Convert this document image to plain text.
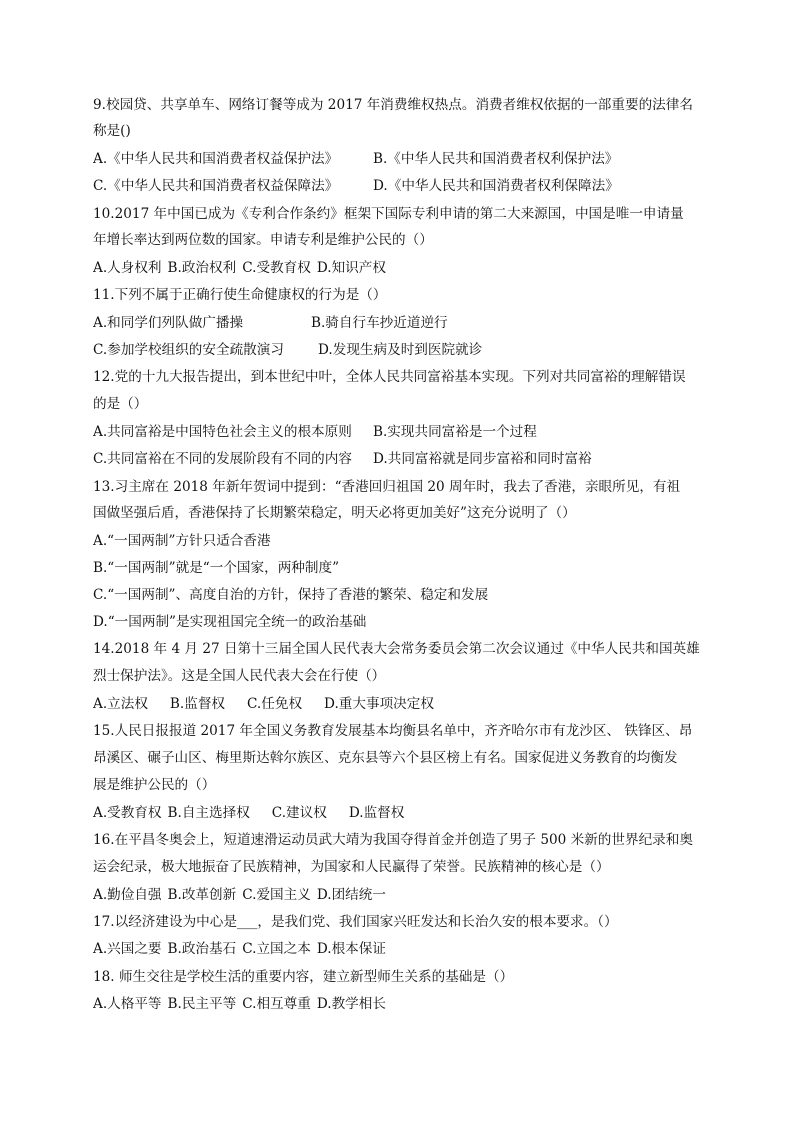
9.校园贷、共享单车、网络订餐等成为 2017 年消费维权热点。消费者维权依据的一部重要的法律名
称是()
A.《中华人民共和国消费者权益保护法》	B.《中华人民共和国消费者权利保护法》
C.《中华人民共和国消费者权益保障法》	D.《中华人民共和国消费者权利保障法》
10.2017 年中国已成为《专利合作条约》框架下国际专利申请的第二大来源国，中国是唯一申请量
年增长率达到两位数的国家。申请专利是维护公民的（）
A.人身权利 B.政治权利 C.受教育权 D.知识产权
11.下列不属于正确行使生命健康权的行为是（）
A.和同学们列队做广播操	B.骑自行车抄近道逆行
C.参加学校组织的安全疏散演习	D.发现生病及时到医院就诊
12.党的十九大报告提出，到本世纪中叶，全体人民共同富裕基本实现。下列对共同富裕的理解错误
的是（）
A.共同富裕是中国特色社会主义的根本原则 B.实现共同富裕是一个过程
C.共同富裕在不同的发展阶段有不同的内容 D.共同富裕就是同步富裕和同时富裕
13.习主席在 2018 年新年贺词中提到：“香港回归祖国 20 周年时，我去了香港，亲眼所见，有祖
国做坚强后盾，香港保持了长期繁荣稳定，明天必将更加美好”这充分说明了（）
A.“一国两制”方针只适合香港
B.“一国两制”就是“一个国家，两种制度”
C.“一国两制”、高度自治的方针，保持了香港的繁荣、稳定和发展
D.“一国两制”是实现祖国完全统一的政治基础
14.2018 年 4 月 27 日第十三届全国人民代表大会常务委员会第二次会议通过《中华人民共和国英雄
烈士保护法》。这是全国人民代表大会在行使（）
A.立法权 B.监督权 C.任免权 D.重大事项决定权
15.人民日报报道 2017 年全国义务教育发展基本均衡县名单中，齐齐哈尔市有龙沙区、 铁锋区、昂
昂溪区、碾子山区、梅里斯达斡尔族区、克东县等六个县区榜上有名。国家促进义务教育的均衡发
展是维护公民的（）
A.受教育权 B.自主选择权 C.建议权 D.监督权
16.在平昌冬奥会上，短道速滑运动员武大靖为我国夺得首金并创造了男子 500 米新的世界纪录和奥
运会纪录，极大地振奋了民族精神，为国家和人民赢得了荣誉。民族精神的核心是（）
A.勤俭自强 B.改革创新 C.爱国主义 D.团结统一
17.以经济建设为中心是___，是我们党、我们国家兴旺发达和长治久安的根本要求。（）
A.兴国之要 B.政治基石 C.立国之本 D.根本保证
18. 师生交往是学校生活的重要内容，建立新型师生关系的基础是（）
A.人格平等 B.民主平等 C.相互尊重 D.教学相长
